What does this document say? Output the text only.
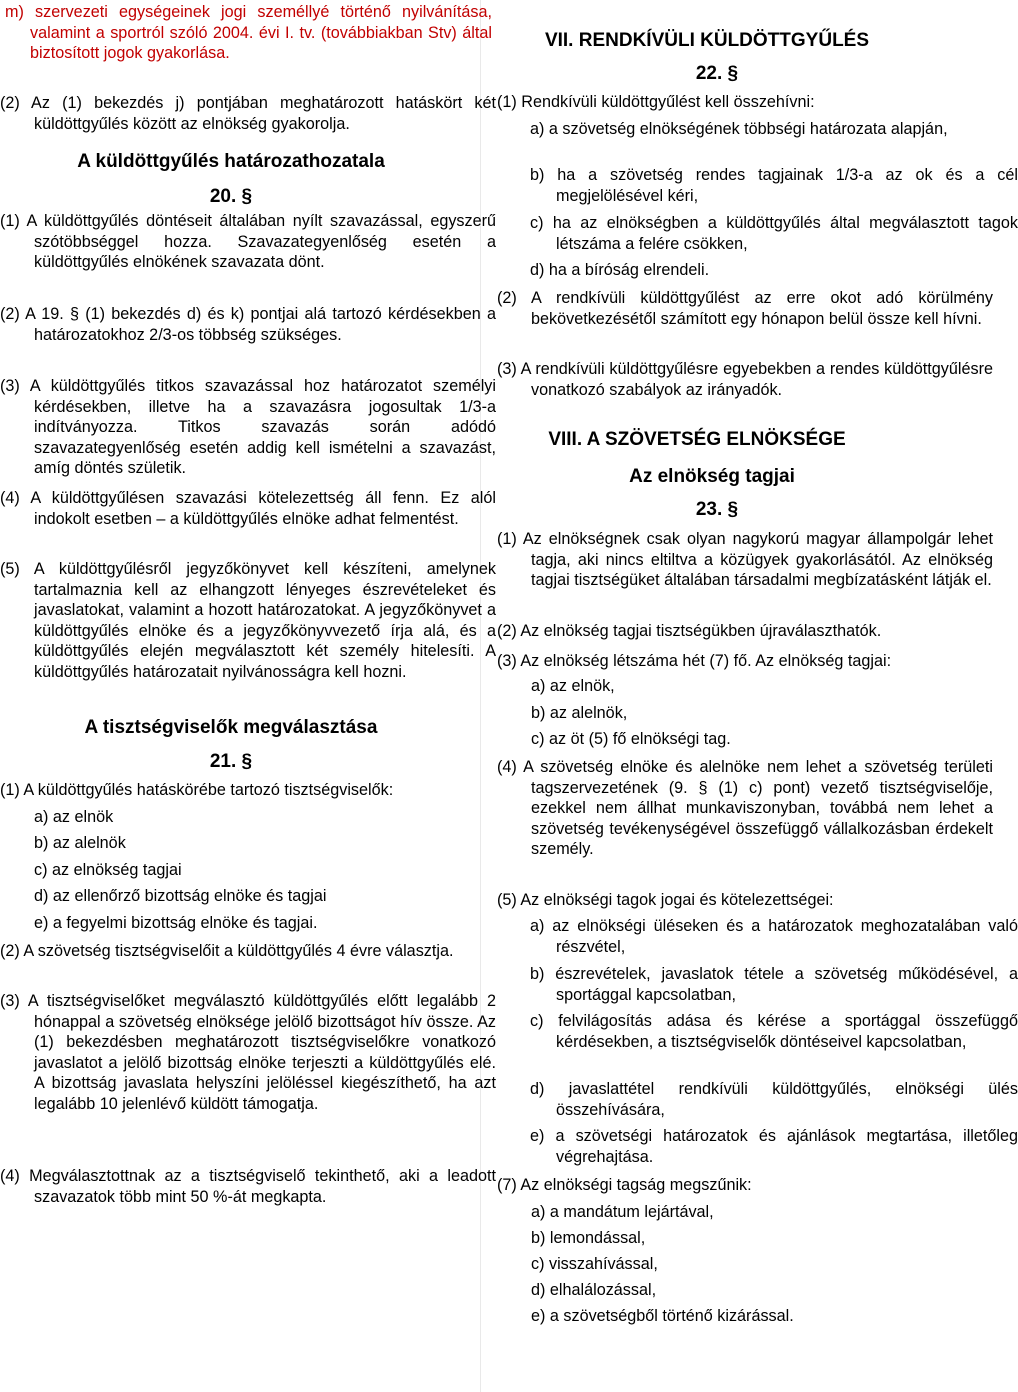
m) szervezeti egységeinek jogi személlyé történő nyilvánítása, valamint a sportról szóló 2004. évi I. tv. (továbbiakban Stv) által biztosított jogok gyakorlása.
(2) Az (1) bekezdés j) pontjában meghatározott hatáskört két küldöttgyűlés között az elnökség gyakorolja.
A küldöttgyűlés határozathozatala
20. §
(1) A küldöttgyűlés döntéseit általában nyílt szavazással, egyszerű szótöbbséggel hozza. Szavazategyenlőség esetén a küldöttgyűlés elnökének szavazata dönt.
(2) A 19. § (1) bekezdés d) és k) pontjai alá tartozó kérdésekben a határozatokhoz 2/3-os többség szükséges.
(3) A küldöttgyűlés titkos szavazással hoz határozatot személyi kérdésekben, illetve ha a szavazásra jogosultak 1/3-a indítványozza. Titkos szavazás során adódó szavazategyenlőség esetén addig kell ismételni a szavazást, amíg döntés születik.
(4) A küldöttgyűlésen szavazási kötelezettség áll fenn. Ez alól indokolt esetben – a küldöttgyűlés elnöke adhat felmentést.
(5) A küldöttgyűlésről jegyzőkönyvet kell készíteni, amelynek tartalmaznia kell az elhangzott lényeges észrevételeket és javaslatokat, valamint a hozott határozatokat. A jegyzőkönyvet a küldöttgyűlés elnöke és a jegyzőkönyvvezető írja alá, és a küldöttgyűlés elején megválasztott két személy hitelesíti. A küldöttgyűlés határozatait nyilvánosságra kell hozni.
A tisztségviselők megválasztása
21. §
(1) A küldöttgyűlés hatáskörébe tartozó tisztségviselők:
a) az elnök
b) az alelnök
c) az elnökség tagjai
d) az ellenőrző bizottság elnöke és tagjai
e) a fegyelmi bizottság elnöke és tagjai.
(2) A szövetség tisztségviselőit a küldöttgyűlés 4 évre választja.
(3) A tisztségviselőket megválasztó küldöttgyűlés előtt legalább 2 hónappal a szövetség elnöksége jelölő bizottságot hív össze. Az (1) bekezdésben meghatározott tisztségviselőkre vonatkozó javaslatot a jelölő bizottság elnöke terjeszti a küldöttgyűlés elé. A bizottság javaslata helyszíni jelöléssel kiegészíthető, ha azt legalább 10 jelenlévő küldött támogatja.
(4) Megválasztottnak az a tisztségviselő tekinthető, aki a leadott szavazatok több mint 50 %-át megkapta.
VII. RENDKÍVÜLI KÜLDÖTTGYŰLÉS
22. §
(1) Rendkívüli küldöttgyűlést kell összehívni:
a) a szövetség elnökségének többségi határozata alapján,
b) ha a szövetség rendes tagjainak 1/3-a az ok és a cél megjelölésével kéri,
c) ha az elnökségben a küldöttgyűlés által megválasztott tagok létszáma a felére csökken,
d) ha a bíróság elrendeli.
(2) A rendkívüli küldöttgyűlést az erre okot adó körülmény bekövetkezésétől számított egy hónapon belül össze kell hívni.
(3) A rendkívüli küldöttgyűlésre egyebekben a rendes küldöttgyűlésre vonatkozó szabályok az irányadók.
VIII. A SZÖVETSÉG ELNÖKSÉGE
Az elnökség tagjai
23. §
(1) Az elnökségnek csak olyan nagykorú magyar állampolgár lehet tagja, aki nincs eltiltva a közügyek gyakorlásától. Az elnökség tagjai tisztségüket általában társadalmi megbízatásként látják el.
(2) Az elnökség tagjai tisztségükben újraválaszthatók.
(3) Az elnökség létszáma hét (7) fő. Az elnökség tagjai:
a) az elnök,
b) az alelnök,
c) az öt (5) fő elnökségi tag.
(4) A szövetség elnöke és alelnöke nem lehet a szövetség területi tagszervezetének (9. § (1) c) pont) vezető tisztségviselője, ezekkel nem állhat munkaviszonyban, továbbá nem lehet a szövetség tevékenységével összefüggő vállalkozásban érdekelt személy.
(5) Az elnökségi tagok jogai és kötelezettségei:
a) az elnökségi üléseken és a határozatok meghozatalában való részvétel,
b) észrevételek, javaslatok tétele a szövetség működésével, a sportággal kapcsolatban,
c) felvilágosítás adása és kérése a sportággal összefüggő kérdésekben, a tisztségviselők döntéseivel kapcsolatban,
d) javaslattétel rendkívüli küldöttgyűlés, elnökségi ülés összehívására,
e) a szövetségi határozatok és ajánlások megtartása, illetőleg végrehajtása.
(7) Az elnökségi tagság megszűnik:
a) a mandátum lejártával,
b) lemondással,
c) visszahívással,
d) elhalálozással,
e) a szövetségből történő kizárással.
